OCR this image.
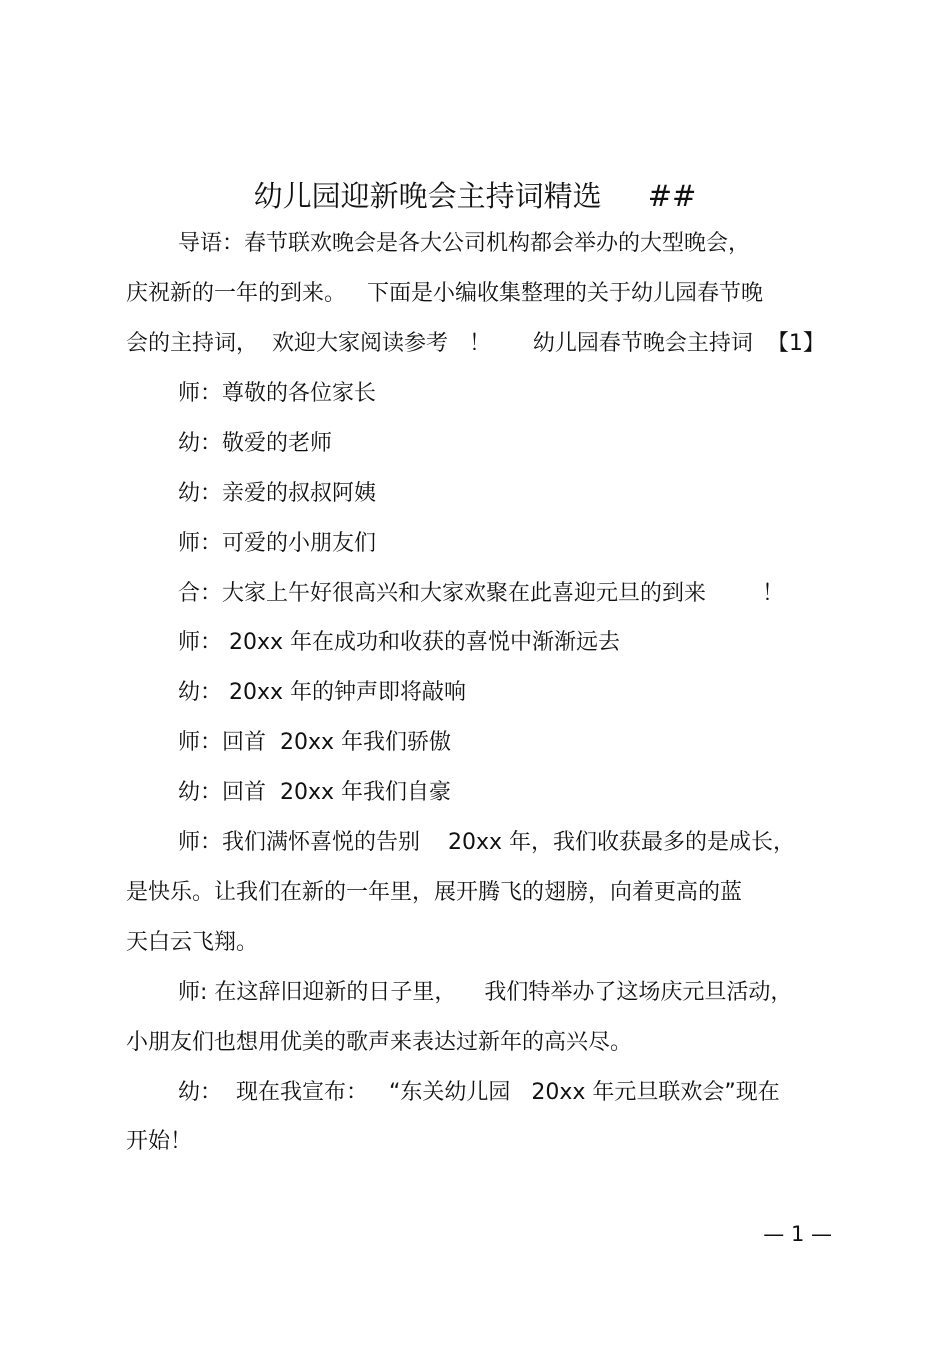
幼儿园迎新晚会主持词精选     ##
导语：春节联欢晚会是各大公司机构都会举办的大型晚会，
庆祝新的一年的到来。   下面是小编收集整理的关于幼儿园春节晚
会的主持词，  欢迎大家阅读参考   ！      幼儿园春节晚会主持词  【1】
师：尊敬的各位家长
幼：敬爱的老师
幼：亲爱的叔叔阿姨
师：可爱的小朋友们
合：大家上午好很高兴和大家欢聚在此喜迎元旦的到来        ！
师： 20xx 年在成功和收获的喜悦中渐渐远去
幼： 20xx 年的钟声即将敲响
师：回首  20xx 年我们骄傲
幼：回首  20xx 年我们自豪
师：我们满怀喜悦的告别    20xx 年，我们收获最多的是成长，
是快乐。让我们在新的一年里，展开腾飞的翅膀，向着更高的蓝
天白云飞翔。
师: 在这辞旧迎新的日子里，    我们特举办了这场庆元旦活动，
小朋友们也想用优美的歌声来表达过新年的高兴尽。
幼：  现在我宣布：   “东关幼儿园   20xx 年元旦联欢会”现在
开始！
— 1 —
